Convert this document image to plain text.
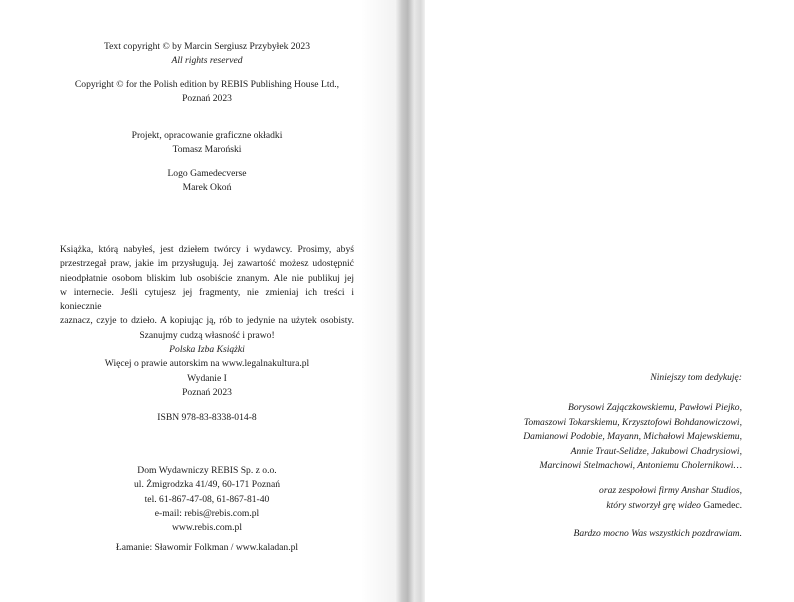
Text copyright © by Marcin Sergiusz Przybyłek 2023
All rights reserved
Copyright © for the Polish edition by REBIS Publishing House Ltd.,
Poznań 2023
Projekt, opracowanie graficzne okładki
Tomasz Maroński
Logo Gamedecverse
Marek Okoń
Książka, którą nabyłeś, jest dziełem twórcy i wydawcy. Prosimy, abyś
przestrzegał praw, jakie im przysługują. Jej zawartość możesz udostępnić
nieodpłatnie osobom bliskim lub osobiście znanym. Ale nie publikuj jej
w internecie. Jeśli cytujesz jej fragmenty, nie zmieniaj ich treści i koniecznie
zaznacz, czyje to dzieło. A kopiując ją, rób to jedynie na użytek osobisty.
Szanujmy cudzą własność i prawo!
Polska Izba Książki
Więcej o prawie autorskim na www.legalnakultura.pl
Wydanie I
Poznań 2023
ISBN 978-83-8338-014-8
Dom Wydawniczy REBIS Sp. z o.o.
ul. Żmigrodzka 41/49, 60-171 Poznań
tel. 61-867-47-08, 61-867-81-40
e-mail: rebis@rebis.com.pl
www.rebis.com.pl
Łamanie: Sławomir Folkman / www.kaladan.pl
Niniejszy tom dedykuję:
Borysowi Zajączkowskiemu, Pawłowi Piejko,
Tomaszowi Tokarskiemu, Krzysztofowi Bohdanowiczowi,
Damianowi Podobie, Mayann, Michałowi Majewskiemu,
Annie Traut-Selidze, Jakubowi Chadrysiowi,
Marcinowi Stelmachowi, Antoniemu Cholernikowi…
oraz zespołowi firmy Anshar Studios,
który stworzył grę wideo Gamedec.
Bardzo mocno Was wszystkich pozdrawiam.
